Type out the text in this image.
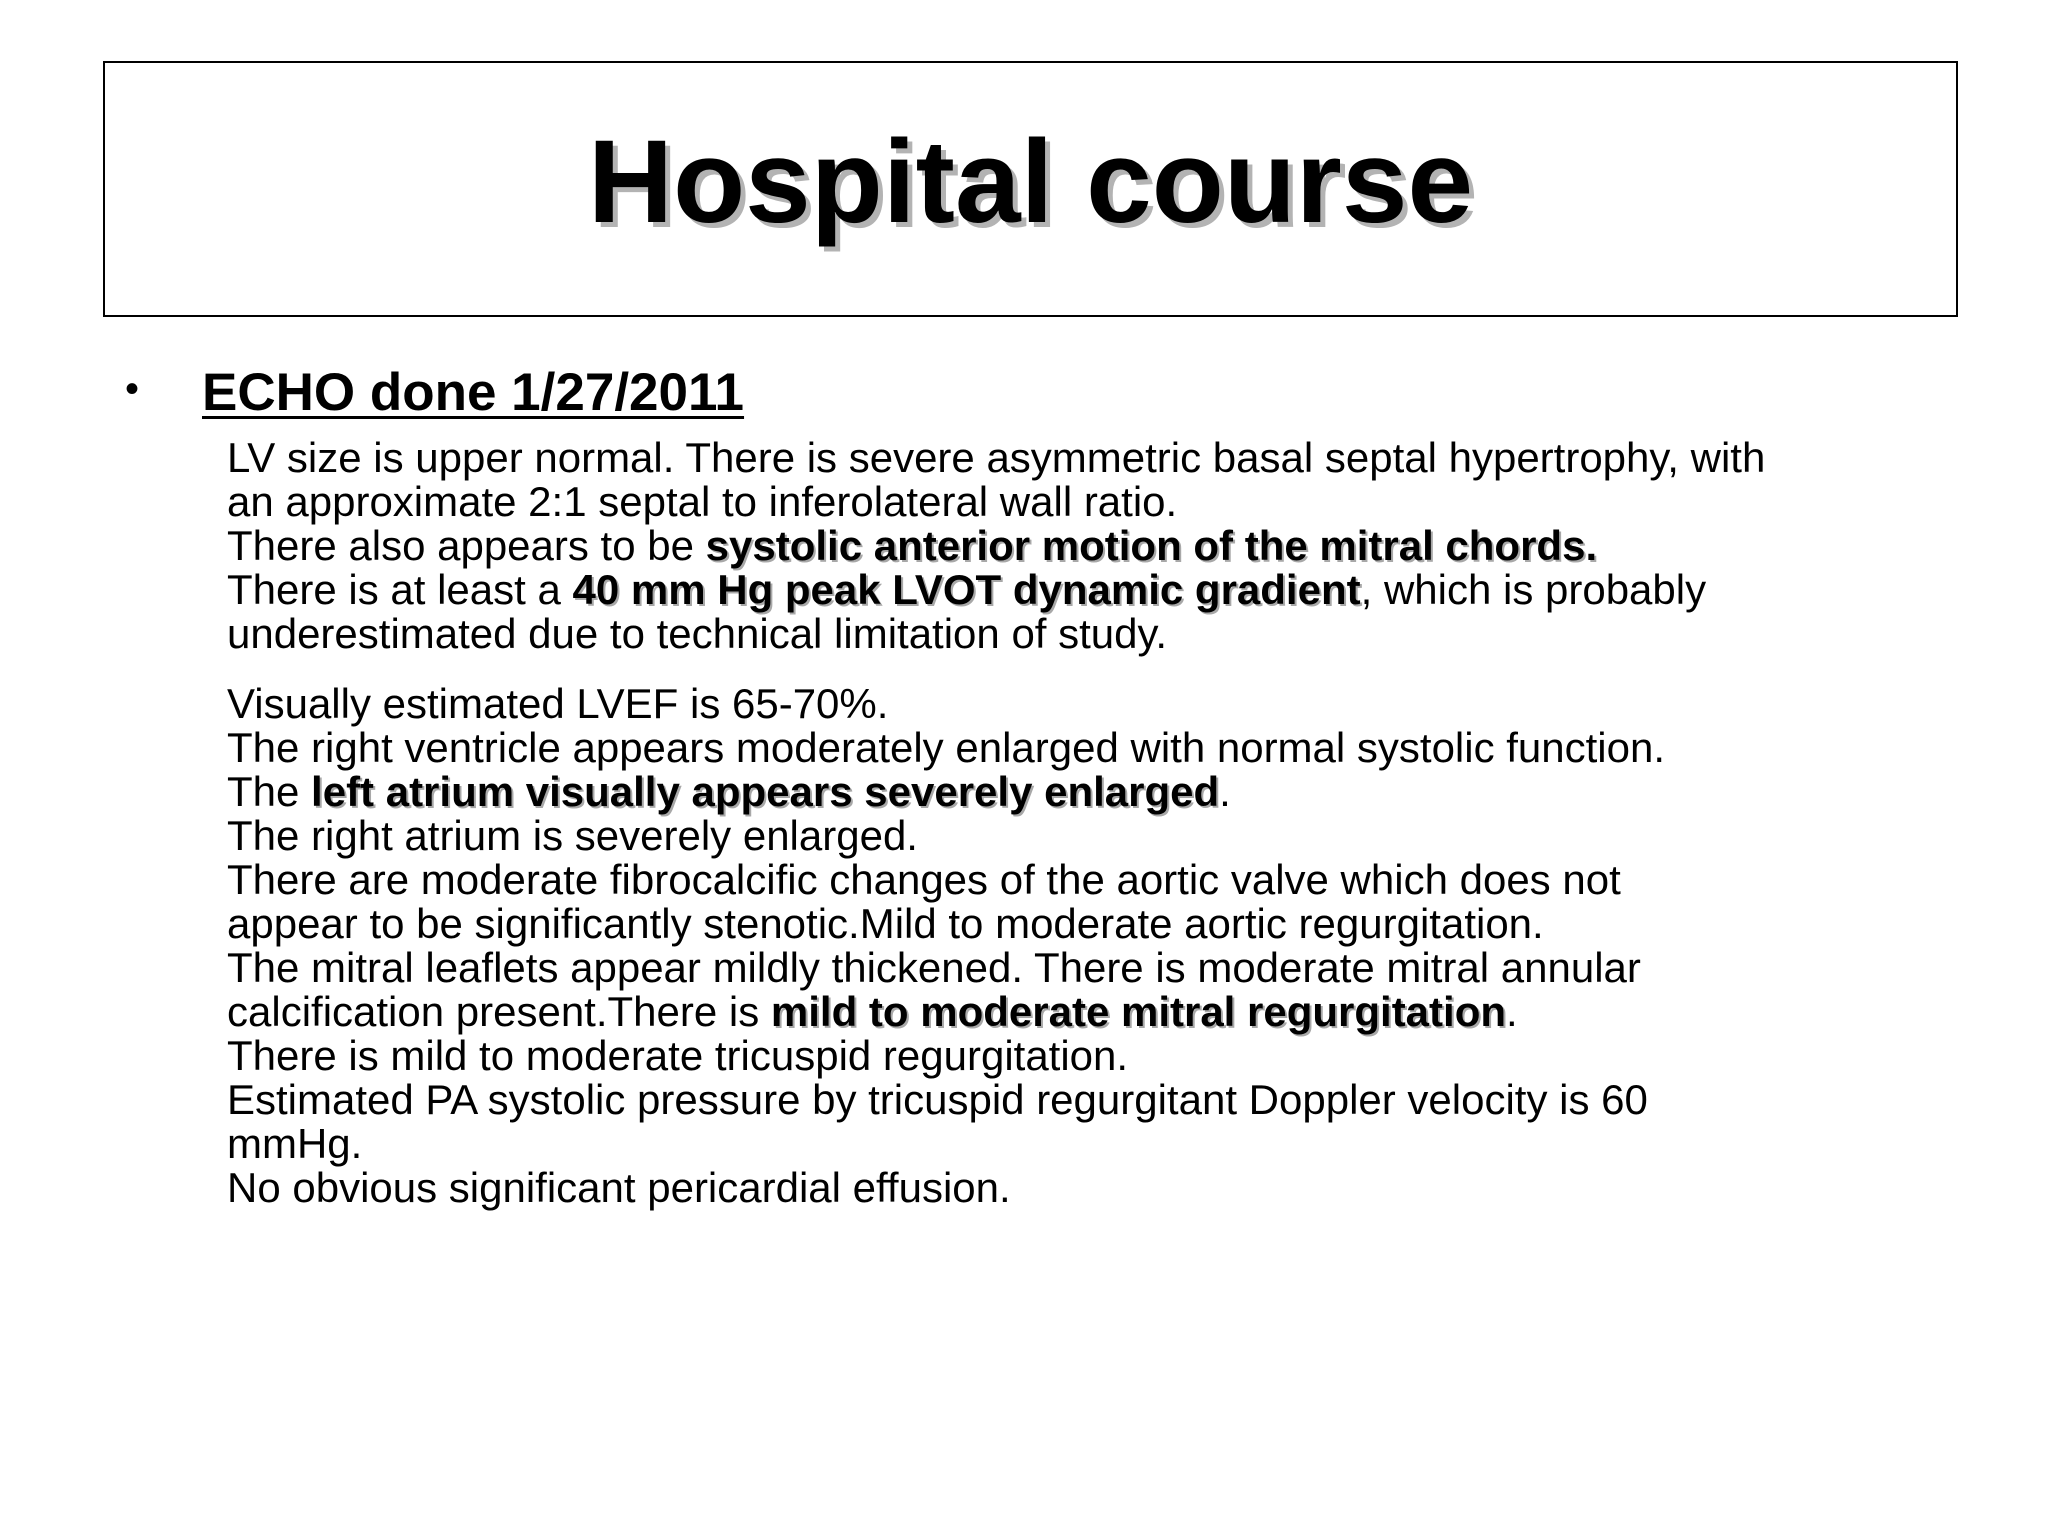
Hospital course
•	ECHO done 1/27/2011
LV size is upper normal. There is severe asymmetric basal septal hypertrophy, with
an approximate 2:1 septal to inferolateral wall ratio.
There also appears to be systolic anterior motion of the mitral chords.
There is at least a 40 mm Hg peak LVOT dynamic gradient, which is probably
underestimated due to technical limitation of study.
Visually estimated LVEF is 65-70%.
The right ventricle appears moderately enlarged with normal systolic function.
The left atrium visually appears severely enlarged.
The right atrium is severely enlarged.
There are moderate fibrocalcific changes of the aortic valve which does not
appear to be significantly stenotic.Mild to moderate aortic regurgitation.
The mitral leaflets appear mildly thickened. There is moderate mitral annular
calcification present.There is mild to moderate mitral regurgitation.
There is mild to moderate tricuspid regurgitation.
Estimated PA systolic pressure by tricuspid regurgitant Doppler velocity is 60
mmHg.
No obvious significant pericardial effusion.
